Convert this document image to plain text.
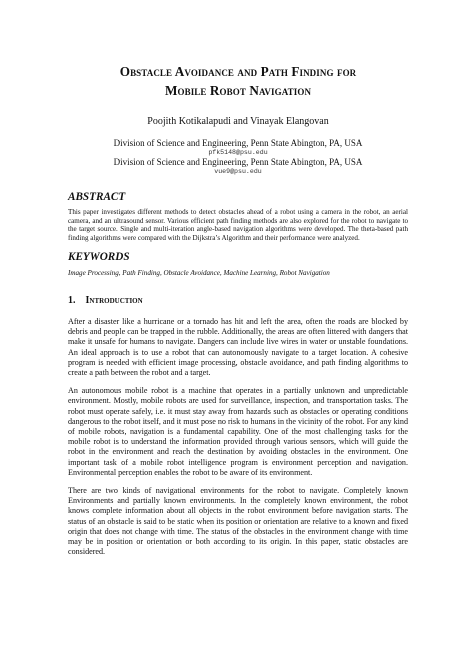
Obstacle Avoidance and Path Finding for
Mobile Robot Navigation
Poojith Kotikalapudi and Vinayak Elangovan
Division of Science and Engineering, Penn State Abington, PA, USA
pfk5148@psu.edu
Division of Science and Engineering, Penn State Abington, PA, USA
vue9@psu.edu
ABSTRACT
This paper investigates different methods to detect obstacles ahead of a robot using a camera in the robot, an aerial camera, and an ultrasound sensor. Various efficient path finding methods are also explored for the robot to navigate to the target source. Single and multi-iteration angle-based navigation algorithms were developed. The theta-based path finding algorithms were compared with the Dijkstra’s Algorithm and their performance were analyzed.
KEYWORDS
Image Processing, Path Finding, Obstacle Avoidance, Machine Learning, Robot Navigation
1. Introduction

After a disaster like a hurricane or a tornado has hit and left the area, often the roads are blocked by debris and people can be trapped in the rubble. Additionally, the areas are often littered with dangers that make it unsafe for humans to navigate. Dangers can include live wires in water or unstable foundations. An ideal approach is to use a robot that can autonomously navigate to a target location. A cohesive program is needed with efficient image processing, obstacle avoidance, and path finding algorithms to create a path between the robot and a target.

An autonomous mobile robot is a machine that operates in a partially unknown and unpredictable environment. Mostly, mobile robots are used for surveillance, inspection, and transportation tasks. The robot must operate safely, i.e. it must stay away from hazards such as obstacles or operating conditions dangerous to the robot itself, and it must pose no risk to humans in the vicinity of the robot. For any kind of mobile robots, navigation is a fundamental capability. One of the most challenging tasks for the mobile robot is to understand the information provided through various sensors, which will guide the robot in the environment and reach the destination by avoiding obstacles in the environment. One important task of a mobile robot intelligence program is environment perception and navigation. Environmental perception enables the robot to be aware of its environment.

There are two kinds of navigational environments for the robot to navigate. Completely known Environments and partially known environments. In the completely known environment, the robot knows complete information about all objects in the robot environment before navigation starts. The status of an obstacle is said to be static when its position or orientation are relative to a known and fixed origin that does not change with time. The status of the obstacles in the environment change with time may be in position or orientation or both according to its origin. In this paper, static obstacles are considered.
